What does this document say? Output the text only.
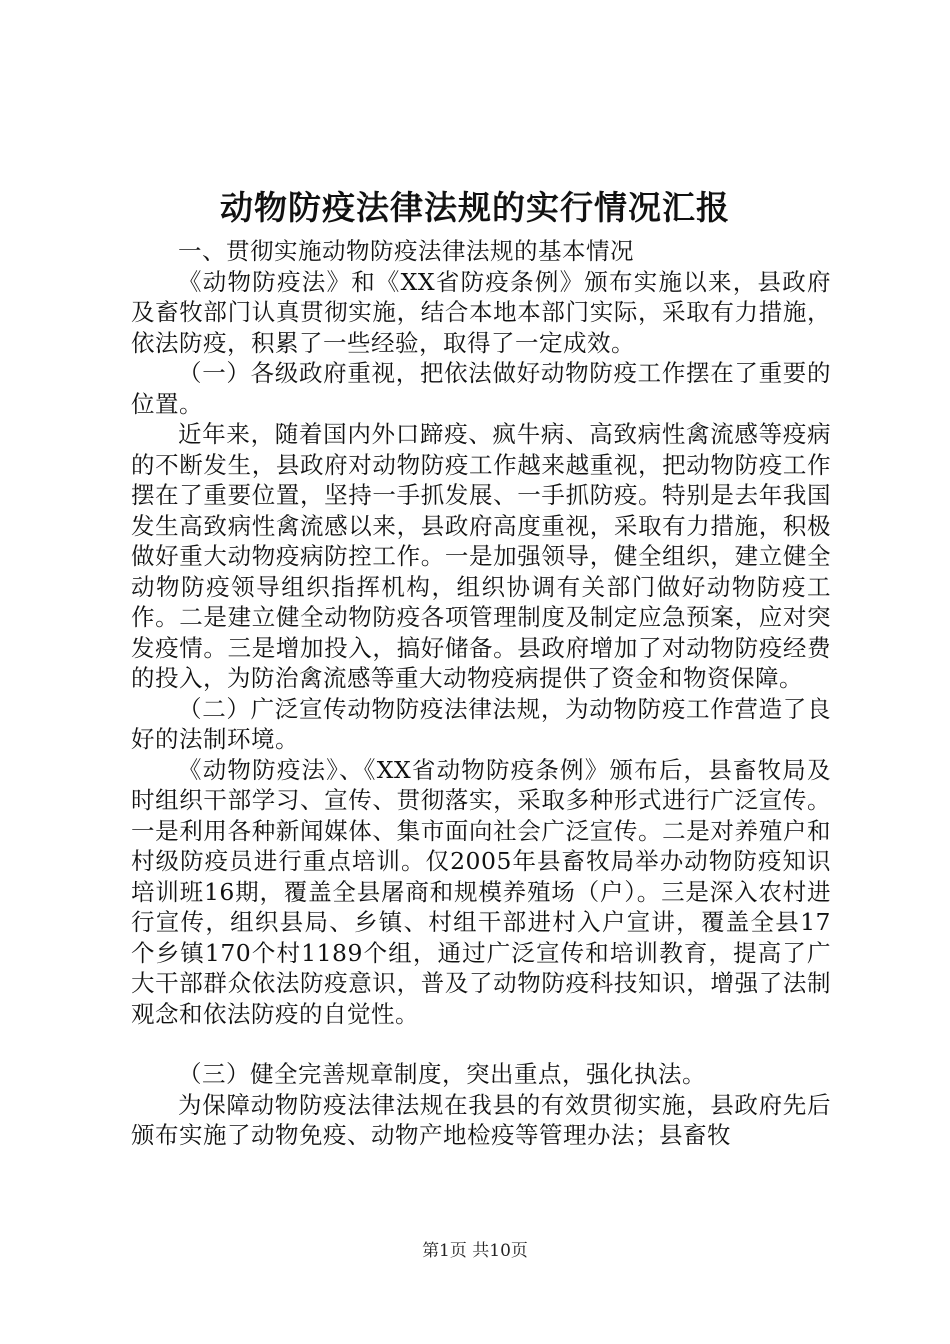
动物防疫法律法规的实行情况汇报

一、贯彻实施动物防疫法律法规的基本情况

《动物防疫法》和《XX省防疫条例》颁布实施以来，县政府及畜牧部门认真贯彻实施，结合本地本部门实际，采取有力措施，依法防疫，积累了一些经验，取得了一定成效。

（一）各级政府重视，把依法做好动物防疫工作摆在了重要的位置。

近年来，随着国内外口蹄疫、疯牛病、高致病性禽流感等疫病的不断发生，县政府对动物防疫工作越来越重视，把动物防疫工作摆在了重要位置，坚持一手抓发展、一手抓防疫。特别是去年我国发生高致病性禽流感以来，县政府高度重视，采取有力措施，积极做好重大动物疫病防控工作。一是加强领导，健全组织，建立健全动物防疫领导组织指挥机构，组织协调有关部门做好动物防疫工作。二是建立健全动物防疫各项管理制度及制定应急预案，应对突发疫情。三是增加投入，搞好储备。县政府增加了对动物防疫经费的投入，为防治禽流感等重大动物疫病提供了资金和物资保障。

（二）广泛宣传动物防疫法律法规，为动物防疫工作营造了良好的法制环境。

《动物防疫法》、《XX省动物防疫条例》颁布后，县畜牧局及时组织干部学习、宣传、贯彻落实，采取多种形式进行广泛宣传。一是利用各种新闻媒体、集市面向社会广泛宣传。二是对养殖户和村级防疫员进行重点培训。仅2005年县畜牧局举办动物防疫知识培训班16期，覆盖全县屠商和规模养殖场（户）。三是深入农村进行宣传，组织县局、乡镇、村组干部进村入户宣讲，覆盖全县17个乡镇170个村1189个组，通过广泛宣传和培训教育，提高了广大干部群众依法防疫意识，普及了动物防疫科技知识，增强了法制观念和依法防疫的自觉性。

（三）健全完善规章制度，突出重点，强化执法。

为保障动物防疫法律法规在我县的有效贯彻实施，县政府先后颁布实施了动物免疫、动物产地检疫等管理办法；县畜牧

第1页 共10页
